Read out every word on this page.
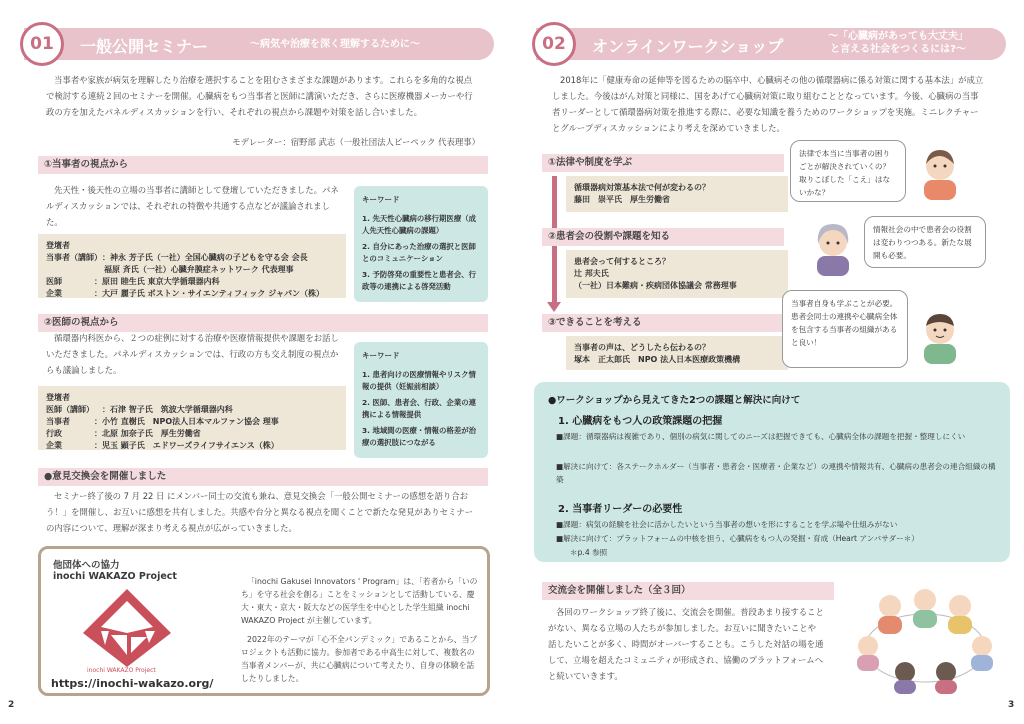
01	一般公開セミナー	〜病気や治療を深く理解するために〜
当事者や家族が病気を理解したり治療を選択することを阻むさまざまな課題があります。これらを多角的な視点で検討する連続２回のセミナーを開催。心臓病をもつ当事者と医師に講演いただき、さらに医療機器メーカーや行政の方を加えたパネルディスカッションを行い、それぞれの視点から課題や対策を話し合いました。
モデレーター：宿野部 武志（一般社団法人ピーペック 代表理事）
①当事者の視点から
先天性・後天性の立場の当事者に講師として登壇していただきました。パネルディスカッションでは、それぞれの特徴や共通する点などが議論されました。
登壇者
当事者（講師） ：神永 芳子氏（一社）全国心臓病の子どもを守る会 会長
福原 斉氏（一社）心臓弁膜症ネットワーク 代表理事
医師	：原田 睦生氏 東京大学循環器内科
企業	：大戸 麗子氏 ボストン・サイエンティフィック ジャパン（株）
キーワード
1. 先天性心臓病の移行期医療（成人先天性心臓病の課題）
2. 自分にあった治療の選択と医師とのコミュニケーション
3. 予防啓発の重要性と患者会、行政等の連携による啓発活動
②医師の視点から
循環器内科医から、２つの症例に対する治療や医療情報提供や課題をお話しいただきました。パネルディスカッションでは、行政の方も交え制度の視点からも議論しました。
登壇者
医師（講師）	：石津 智子氏　筑波大学循環器内科
当事者	：小竹 直樹氏　NPO法人日本マルファン協会 理事
行政	：北原 加奈子氏　厚生労働省
企業	：児玉 顕子氏　エドワーズライフサイエンス（株）
キーワード
1. 患者向けの医療情報やリスク情報の提供（妊娠前相談）
2. 医師、患者会、行政、企業の連携による情報提供
3. 地域間の医療・情報の格差が治療の選択肢につながる
●意見交換会を開催しました
セミナー終了後の 7 月 22 日 にメンバー同士の交流も兼ね、意見交換会「一般公開セミナーの感想を語り合おう！」を開催し、お互いに感想を共有しました。共感や台分と異なる視点を聞くことで新たな発見がありセミナーの内容について、理解が深まり考える視点が広がっていきました。
他団体への協力
inochi WAKAZO Project
inochi WAKAZO Project
「inochi Gakusei Innovators ' Program」は、「若者から「いのち」を守る社会を創る」ことをミッションとして活動している、慶大・東大・京大・阪大などの医学生を中心とした学生組織 inochi WAKAZO Project が主催しています。
2022年のテーマが「心不全パンデミック」であることから、当プロジェクトも活動に協力。参加者である中高生に対して、複数名の当事者メンバーが、共に心臓病について考えたり、自身の体験を話したりしました。
https://inochi-wakazo.org/
2
02	オンラインワークショップ
〜「心臓病があっても大丈夫」
と言える社会をつくるには?〜
2018年に「健康寿命の延伸等を図るための脳卒中、心臓病その他の循環器病に係る対策に関する基本法」が成立しました。今後はがん対策と同様に、国をあげて心臓病対策に取り組むこととなっています。今後、心臓病の当事者リーダーとして循環器病対策を推進する際に、必要な知識を養うためのワークショップを実施。ミニレクチャーとグループディスカッションにより考えを深めていきました。
①法律や制度を学ぶ
循環器病対策基本法で何が変わるの？
藤田　崇平氏　厚生労働省
②患者会の役割や課題を知る
患者会って何するところ？
辻 邦夫氏
（一社）日本難病・疾病団体協議会 常務理事
③できることを考える
当事者の声は、どうしたら伝わるの？
塚本　正太郎氏　NPO 法人日本医療政策機構
法律で本当に当事者の困りごとが解決されていくの？取りこぼした「こえ」はないかな？
情報社会の中で患者会の役割は変わりつつある。新たな展開も必要。
当事者自身も学ぶことが必要。患者会同士の連携や心臓病全体を包含する当事者の組織があると良い！
●ワークショップから見えてきた2つの課題と解決に向けて
1. 心臓病をもつ人の政策課題の把握
■課題：循環器病は複雑であり、個別の病気に関してのニーズは把握できても、心臓病全体の課題を把握・整理しにくい
■解決に向けて：各ステークホルダー（当事者・患者会・医療者・企業など）の連携や情報共有、心臓病の患者会の連合組織の構築
2. 当事者リーダーの必要性
■課題：病気の経験を社会に活かしたいという当事者の想いを形にすることを学ぶ場や仕組みがない
■解決に向けて：プラットフォームの中核を担う、心臓病をもつ人の発掘・育成（Heart アンバサダー＊）
＊p.4 参照
交流会を開催しました（全３回）
各回のワークショップ終了後に、交流会を開催。普段あまり接することがない、異なる立場の人たちが参加しました。お互いに聞きたいことや話したいことが多く、時間がオーバーすることも。こうした対話の場を通して、立場を超えたコミュニティが形成され、協働のプラットフォームへと続いていきます。
3
